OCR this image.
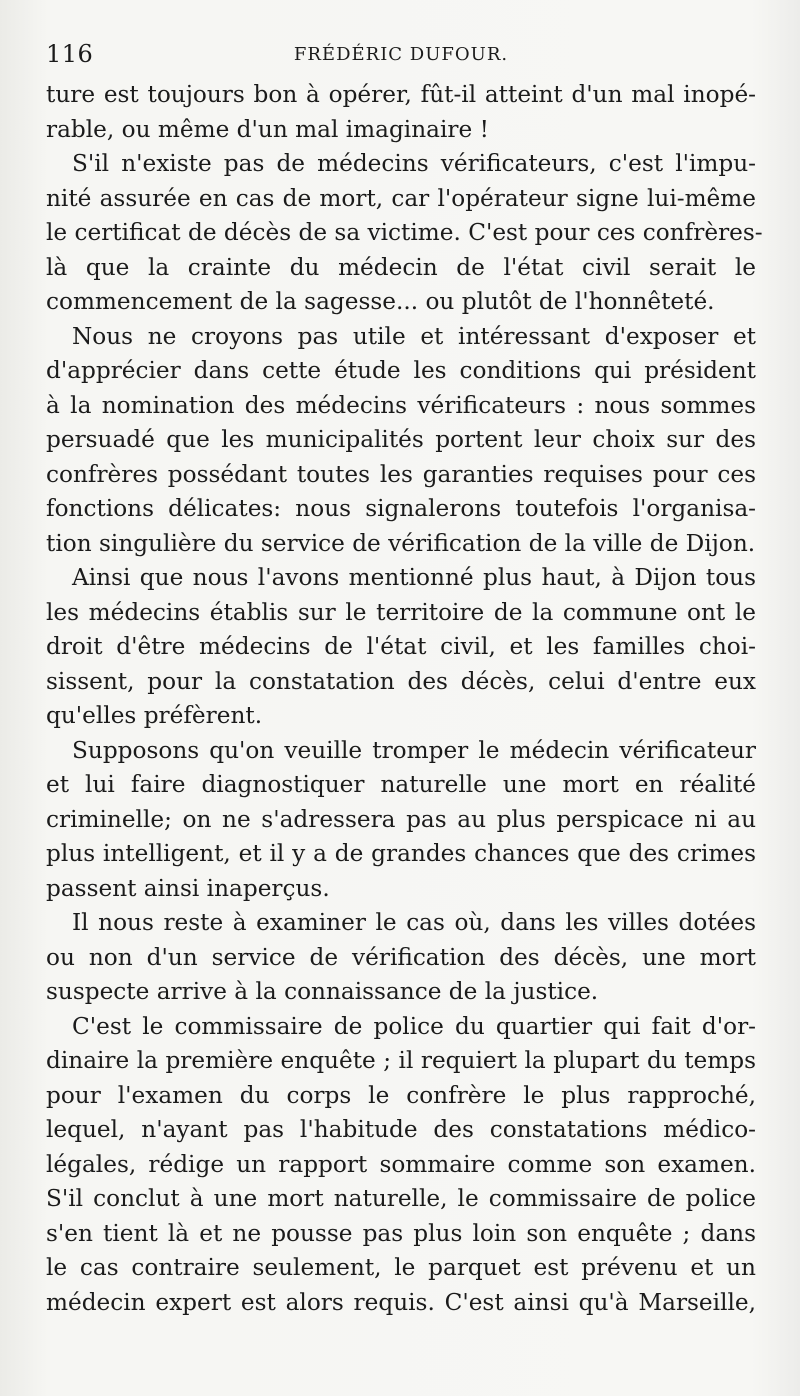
116	FRÉDÉRIC DUFOUR.

ture est toujours bon à opérer, fût-il atteint d'un mal inopé-

rable, ou même d'un mal imaginaire !

S'il n'existe pas de médecins vérificateurs, c'est l'impu-

nité assurée en cas de mort, car l'opérateur signe lui-même

le certificat de décès de sa victime. C'est pour ces confrères-

là que la crainte du médecin de l'état civil serait le

commencement de la sagesse... ou plutôt de l'honnêteté.

Nous ne croyons pas utile et intéressant d'exposer et

d'apprécier dans cette étude les conditions qui président

à la nomination des médecins vérificateurs : nous sommes

persuadé que les municipalités portent leur choix sur des

confrères possédant toutes les garanties requises pour ces

fonctions délicates: nous signalerons toutefois l'organisa-

tion singulière du service de vérification de la ville de Dijon.

Ainsi que nous l'avons mentionné plus haut, à Dijon tous

les médecins établis sur le territoire de la commune ont le

droit d'être médecins de l'état civil, et les familles choi-

sissent, pour la constatation des décès, celui d'entre eux

qu'elles préfèrent.

Supposons qu'on veuille tromper le médecin vérificateur

et lui faire diagnostiquer naturelle une mort en réalité

criminelle; on ne s'adressera pas au plus perspicace ni au

plus intelligent, et il y a de grandes chances que des crimes

passent ainsi inaperçus.

Il nous reste à examiner le cas où, dans les villes dotées

ou non d'un service de vérification des décès, une mort

suspecte arrive à la connaissance de la justice.

C'est le commissaire de police du quartier qui fait d'or-

dinaire la première enquête ; il requiert la plupart du temps

pour l'examen du corps le confrère le plus rapproché,

lequel, n'ayant pas l'habitude des constatations médico-

légales, rédige un rapport sommaire comme son examen.

S'il conclut à une mort naturelle, le commissaire de police

s'en tient là et ne pousse pas plus loin son enquête ; dans

le cas contraire seulement, le parquet est prévenu et un

médecin expert est alors requis. C'est ainsi qu'à Marseille,
